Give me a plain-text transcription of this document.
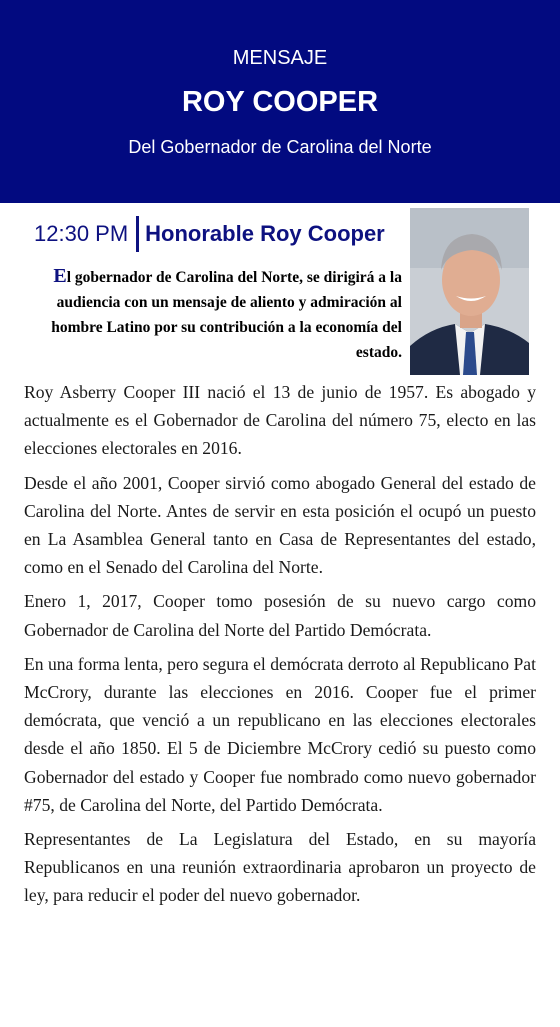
MENSAJE
ROY COOPER
Del Gobernador de Carolina del Norte
12:30 PM Honorable Roy Cooper
El gobernador de Carolina del Norte, se dirigirá a la audiencia con un mensaje de aliento y admiración al hombre Latino por su contribución a la economía del estado.

Roy Asberry Cooper III nació el 13 de junio de 1957. Es abogado y actualmente es el Gobernador de Carolina del número 75, electo en las elecciones electorales en 2016.

Desde el año 2001, Cooper sirvió como abogado General del estado de Carolina del Norte. Antes de servir en esta posición el ocupó un puesto en La Asamblea General tanto en Casa de Representantes del estado, como en el Senado del Carolina del Norte.

Enero 1, 2017, Cooper tomo posesión de su nuevo cargo como Gobernador de Carolina del Norte del Partido Demócrata.

En una forma lenta, pero segura el demócrata derroto al Republicano Pat McCrory, durante las elecciones en 2016. Cooper fue el primer demócrata, que venció a un republicano en las elecciones electorales desde el año 1850. El 5 de Diciembre McCrory cedió su puesto como Gobernador del estado y Cooper fue nombrado como nuevo gobernador #75, de Carolina del Norte, del Partido Demócrata.

Representantes de La Legislatura del Estado, en su mayoría Republicanos en una reunión extraordinaria aprobaron un proyecto de ley, para reducir el poder del nuevo gobernador.
